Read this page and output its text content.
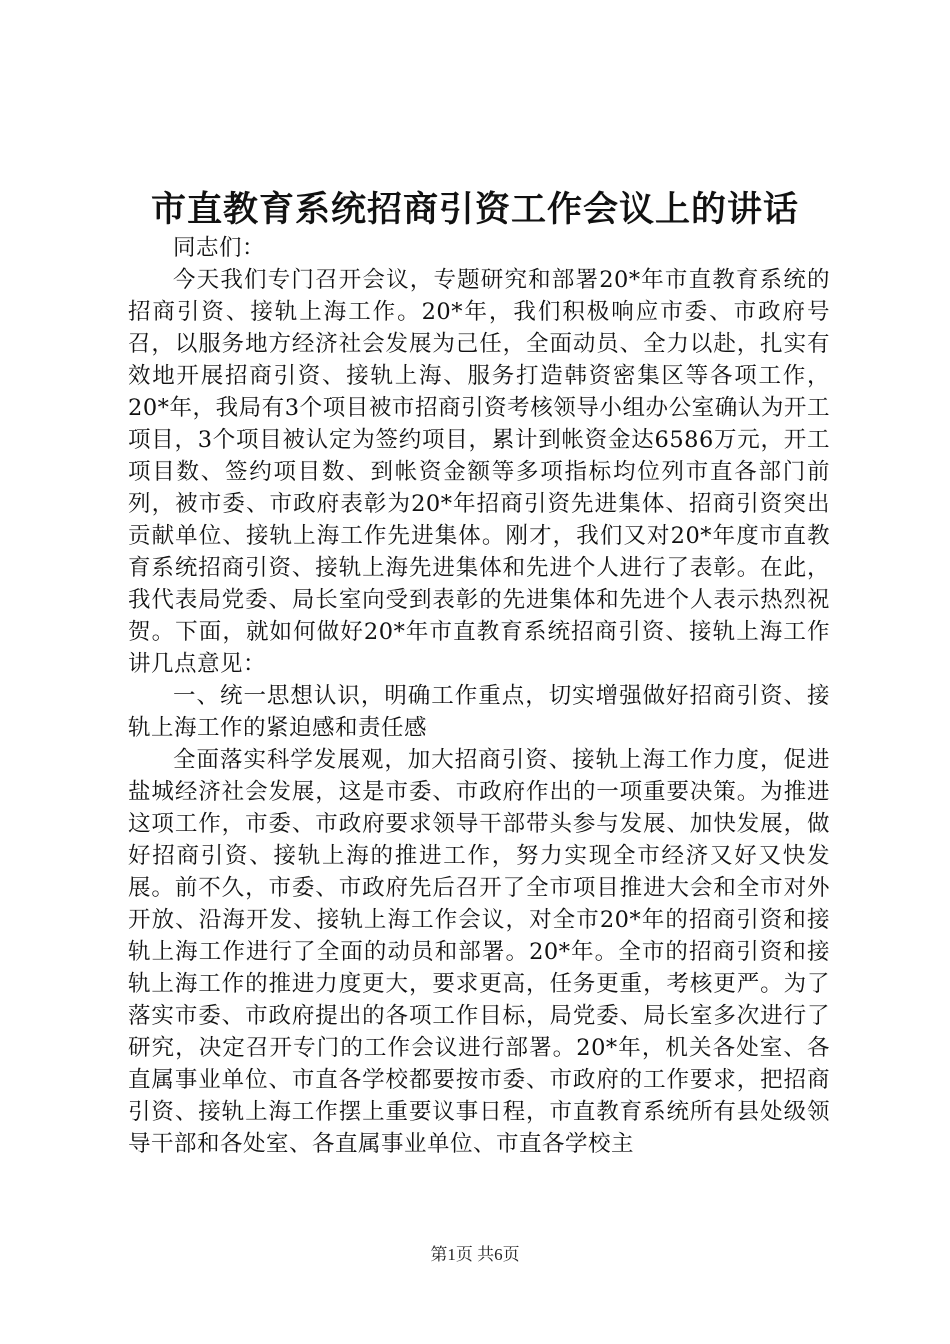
市直教育系统招商引资工作会议上的讲话

同志们：

今天我们专门召开会议，专题研究和部署20*年市直教育系统的招商引资、接轨上海工作。20*年，我们积极响应市委、市政府号召，以服务地方经济社会发展为己任，全面动员、全力以赴，扎实有效地开展招商引资、接轨上海、服务打造韩资密集区等各项工作，20*年，我局有3个项目被市招商引资考核领导小组办公室确认为开工项目，3个项目被认定为签约项目，累计到帐资金达6586万元，开工项目数、签约项目数、到帐资金额等多项指标均位列市直各部门前列，被市委、市政府表彰为20*年招商引资先进集体、招商引资突出贡献单位、接轨上海工作先进集体。刚才，我们又对20*年度市直教育系统招商引资、接轨上海先进集体和先进个人进行了表彰。在此，我代表局党委、局长室向受到表彰的先进集体和先进个人表示热烈祝贺。下面，就如何做好20*年市直教育系统招商引资、接轨上海工作讲几点意见：

一、统一思想认识，明确工作重点，切实增强做好招商引资、接轨上海工作的紧迫感和责任感

全面落实科学发展观，加大招商引资、接轨上海工作力度，促进盐城经济社会发展，这是市委、市政府作出的一项重要决策。为推进这项工作，市委、市政府要求领导干部带头参与发展、加快发展，做好招商引资、接轨上海的推进工作，努力实现全市经济又好又快发展。前不久，市委、市政府先后召开了全市项目推进大会和全市对外开放、沿海开发、接轨上海工作会议，对全市20*年的招商引资和接轨上海工作进行了全面的动员和部署。20*年。全市的招商引资和接轨上海工作的推进力度更大，要求更高，任务更重，考核更严。为了落实市委、市政府提出的各项工作目标，局党委、局长室多次进行了研究，决定召开专门的工作会议进行部署。20*年，机关各处室、各直属事业单位、市直各学校都要按市委、市政府的工作要求，把招商引资、接轨上海工作摆上重要议事日程，市直教育系统所有县处级领导干部和各处室、各直属事业单位、市直各学校主

第1页 共6页
